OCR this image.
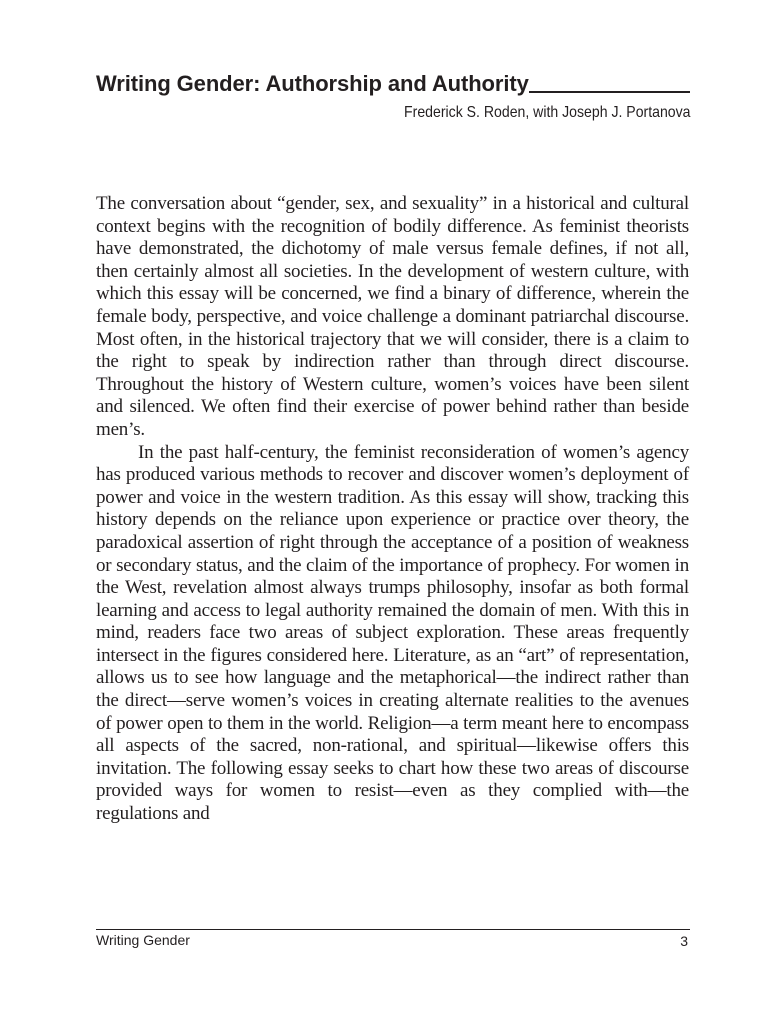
Writing Gender: Authorship and Authority
Frederick S. Roden, with Joseph J. Portanova

The conversation about “gender, sex, and sexuality” in a historical and cultural context begins with the recognition of bodily difference. As feminist theorists have demonstrated, the dichotomy of male versus female defines, if not all, then certainly almost all societies. In the development of western culture, with which this essay will be concerned, we find a binary of difference, wherein the female body, perspective, and voice challenge a dominant patriarchal discourse. Most often, in the historical trajectory that we will consider, there is a claim to the right to speak by indirection rather than through direct discourse. Throughout the history of Western culture, women’s voices have been silent and silenced. We often find their exercise of power behind rather than beside men’s.

In the past half-century, the feminist reconsideration of women’s agency has produced various methods to recover and discover women’s deployment of power and voice in the western tradition. As this essay will show, tracking this history depends on the reliance upon experience or practice over theory, the paradoxical assertion of right through the acceptance of a position of weakness or secondary status, and the claim of the importance of prophecy. For women in the West, revelation almost always trumps philosophy, insofar as both formal learning and access to legal authority remained the domain of men. With this in mind, readers face two areas of subject exploration. These areas frequently intersect in the figures considered here. Literature, as an “art” of representation, allows us to see how language and the metaphorical—the indirect rather than the direct—serve women’s voices in creating alternate realities to the avenues of power open to them in the world. Religion—a term meant here to encompass all aspects of the sacred, non-rational, and spiritual—likewise offers this invitation. The following essay seeks to chart how these two areas of discourse provided ways for women to resist—even as they complied with—the regulations and

Writing Gender	3
